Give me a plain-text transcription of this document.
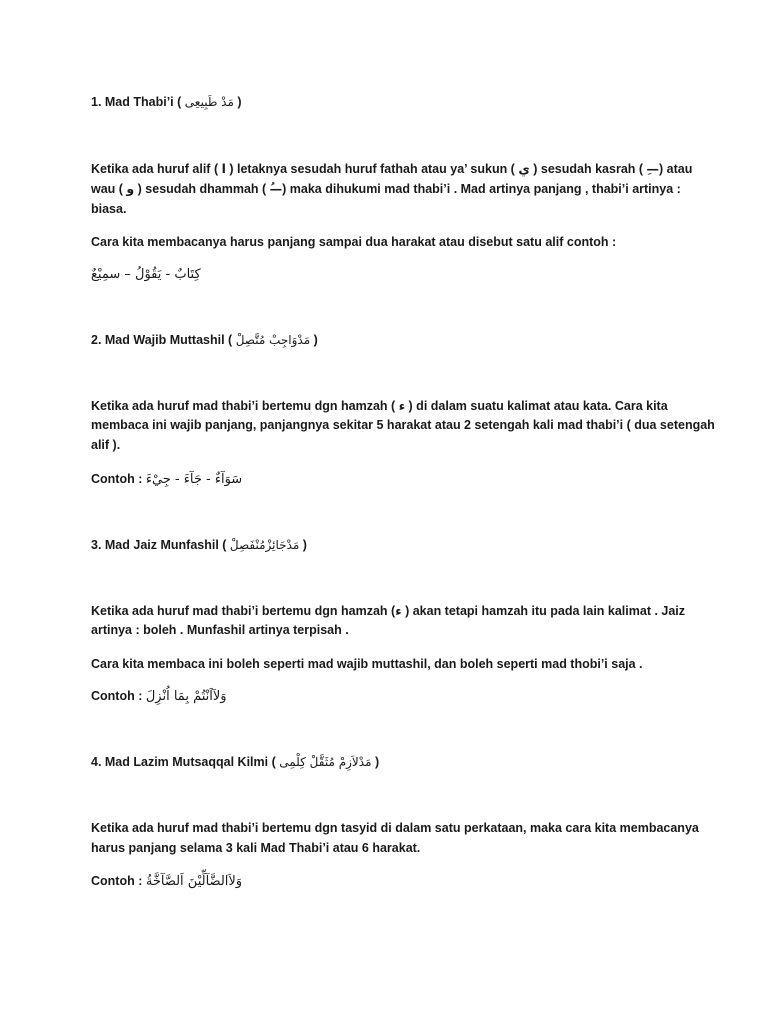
1. Mad Thabi’i ( مَدْ طَبِيعِى )
Ketika ada huruf alif ( ا ) letaknya sesudah huruf fathah atau ya’ sukun ( ي ) sesudah kasrah ( —ِ) atau
wau ( و ) sesudah dhammah ( —ُ) maka dihukumi mad thabi’i . Mad artinya panjang , thabi’i artinya :
biasa.
Cara kita membacanya harus panjang sampai dua harakat atau disebut satu alif contoh :
كِتَابٌ - يَقُوْلُ – سمِيْعٌ
2. Mad Wajib Muttashil ( مَدْوَاجِبْ مُتَّصِلْ )
Ketika ada huruf mad thabi’i bertemu dgn hamzah ( ء ) di dalam suatu kalimat atau kata. Cara kita
membaca ini wajib panjang, panjangnya sekitar 5 harakat atau 2 setengah kali mad thabi’i ( dua setengah
alif ).
Contoh : سَوَآءٌ - جَآءَ - جِيْءَ
3. Mad Jaiz Munfashil ( مَدْجَائِزْمُنْفَصِلْ )
Ketika ada huruf mad thabi’i bertemu dgn hamzah (ء ) akan tetapi hamzah itu pada lain kalimat . Jaiz
artinya : boleh . Munfashil artinya terpisah .
Cara kita membaca ini boleh seperti mad wajib muttashil, dan boleh seperti mad thobi’i saja .
Contoh : وَلآاَنْتُمْ بِمَا اُنْزِلَ
4. Mad Lazim Mutsaqqal Kilmi ( مَدْلاَزِمْ مُثَقَّلْ كِلْمِى )
Ketika ada huruf mad thabi’i bertemu dgn tasyid di dalam satu perkataan, maka cara kita membacanya
harus panjang selama 3 kali Mad Thabi’i atau 6 harakat.
Contoh : وَلاَالضَّآلِّيْنَ اَلصَّآخَّةُ
